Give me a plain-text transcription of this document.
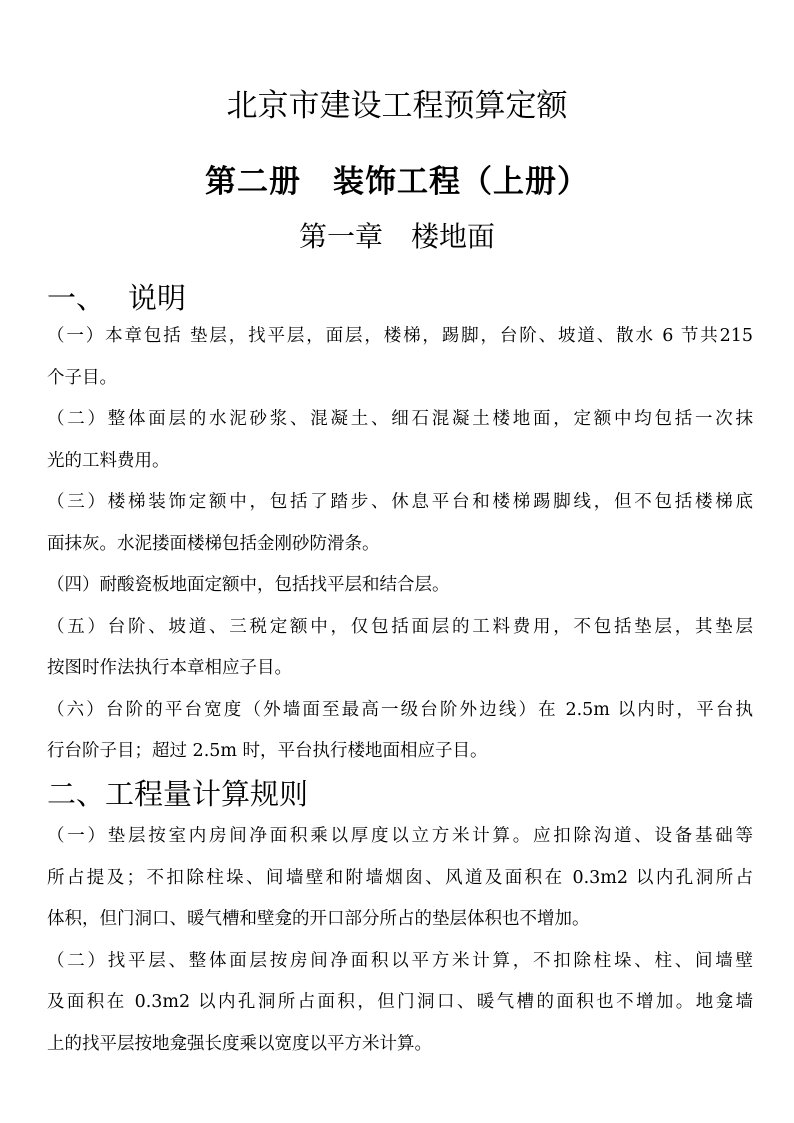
北京市建设工程预算定额
第二册　装饰工程（上册）
第一章　楼地面
一、 说明
（一）本章包括 垫层，找平层，面层，楼梯，踢脚，台阶、坡道、散水 6 节共215
个子目。
（二）整体面层的水泥砂浆、混凝土、细石混凝土楼地面，定额中均包括一次抹
光的工料费用。
（三）楼梯装饰定额中，包括了踏步、休息平台和楼梯踢脚线，但不包括楼梯底
面抹灰。水泥搂面楼梯包括金刚砂防滑条。
（四）耐酸瓷板地面定额中，包括找平层和结合层。
（五）台阶、坡道、三税定额中，仅包括面层的工料费用，不包括垫层，其垫层
按图时作法执行本章相应子目。
（六）台阶的平台宽度（外墙面至最高一级台阶外边线）在 2.5m 以内时，平台执
行台阶子目；超过 2.5m 时，平台执行楼地面相应子目。
二、工程量计算规则
（一）垫层按室内房间净面积乘以厚度以立方米计算。应扣除沟道、设备基础等
所占提及；不扣除柱垛、间墙壁和附墙烟囱、风道及面积在 0.3m2 以内孔洞所占
体积，但门洞口、暖气槽和壁龛的开口部分所占的垫层体积也不增加。
（二）找平层、整体面层按房间净面积以平方米计算，不扣除柱垛、柱、间墙壁
及面积在 0.3m2 以内孔洞所占面积，但门洞口、暖气槽的面积也不增加。地龛墙
上的找平层按地龛强长度乘以宽度以平方米计算。
